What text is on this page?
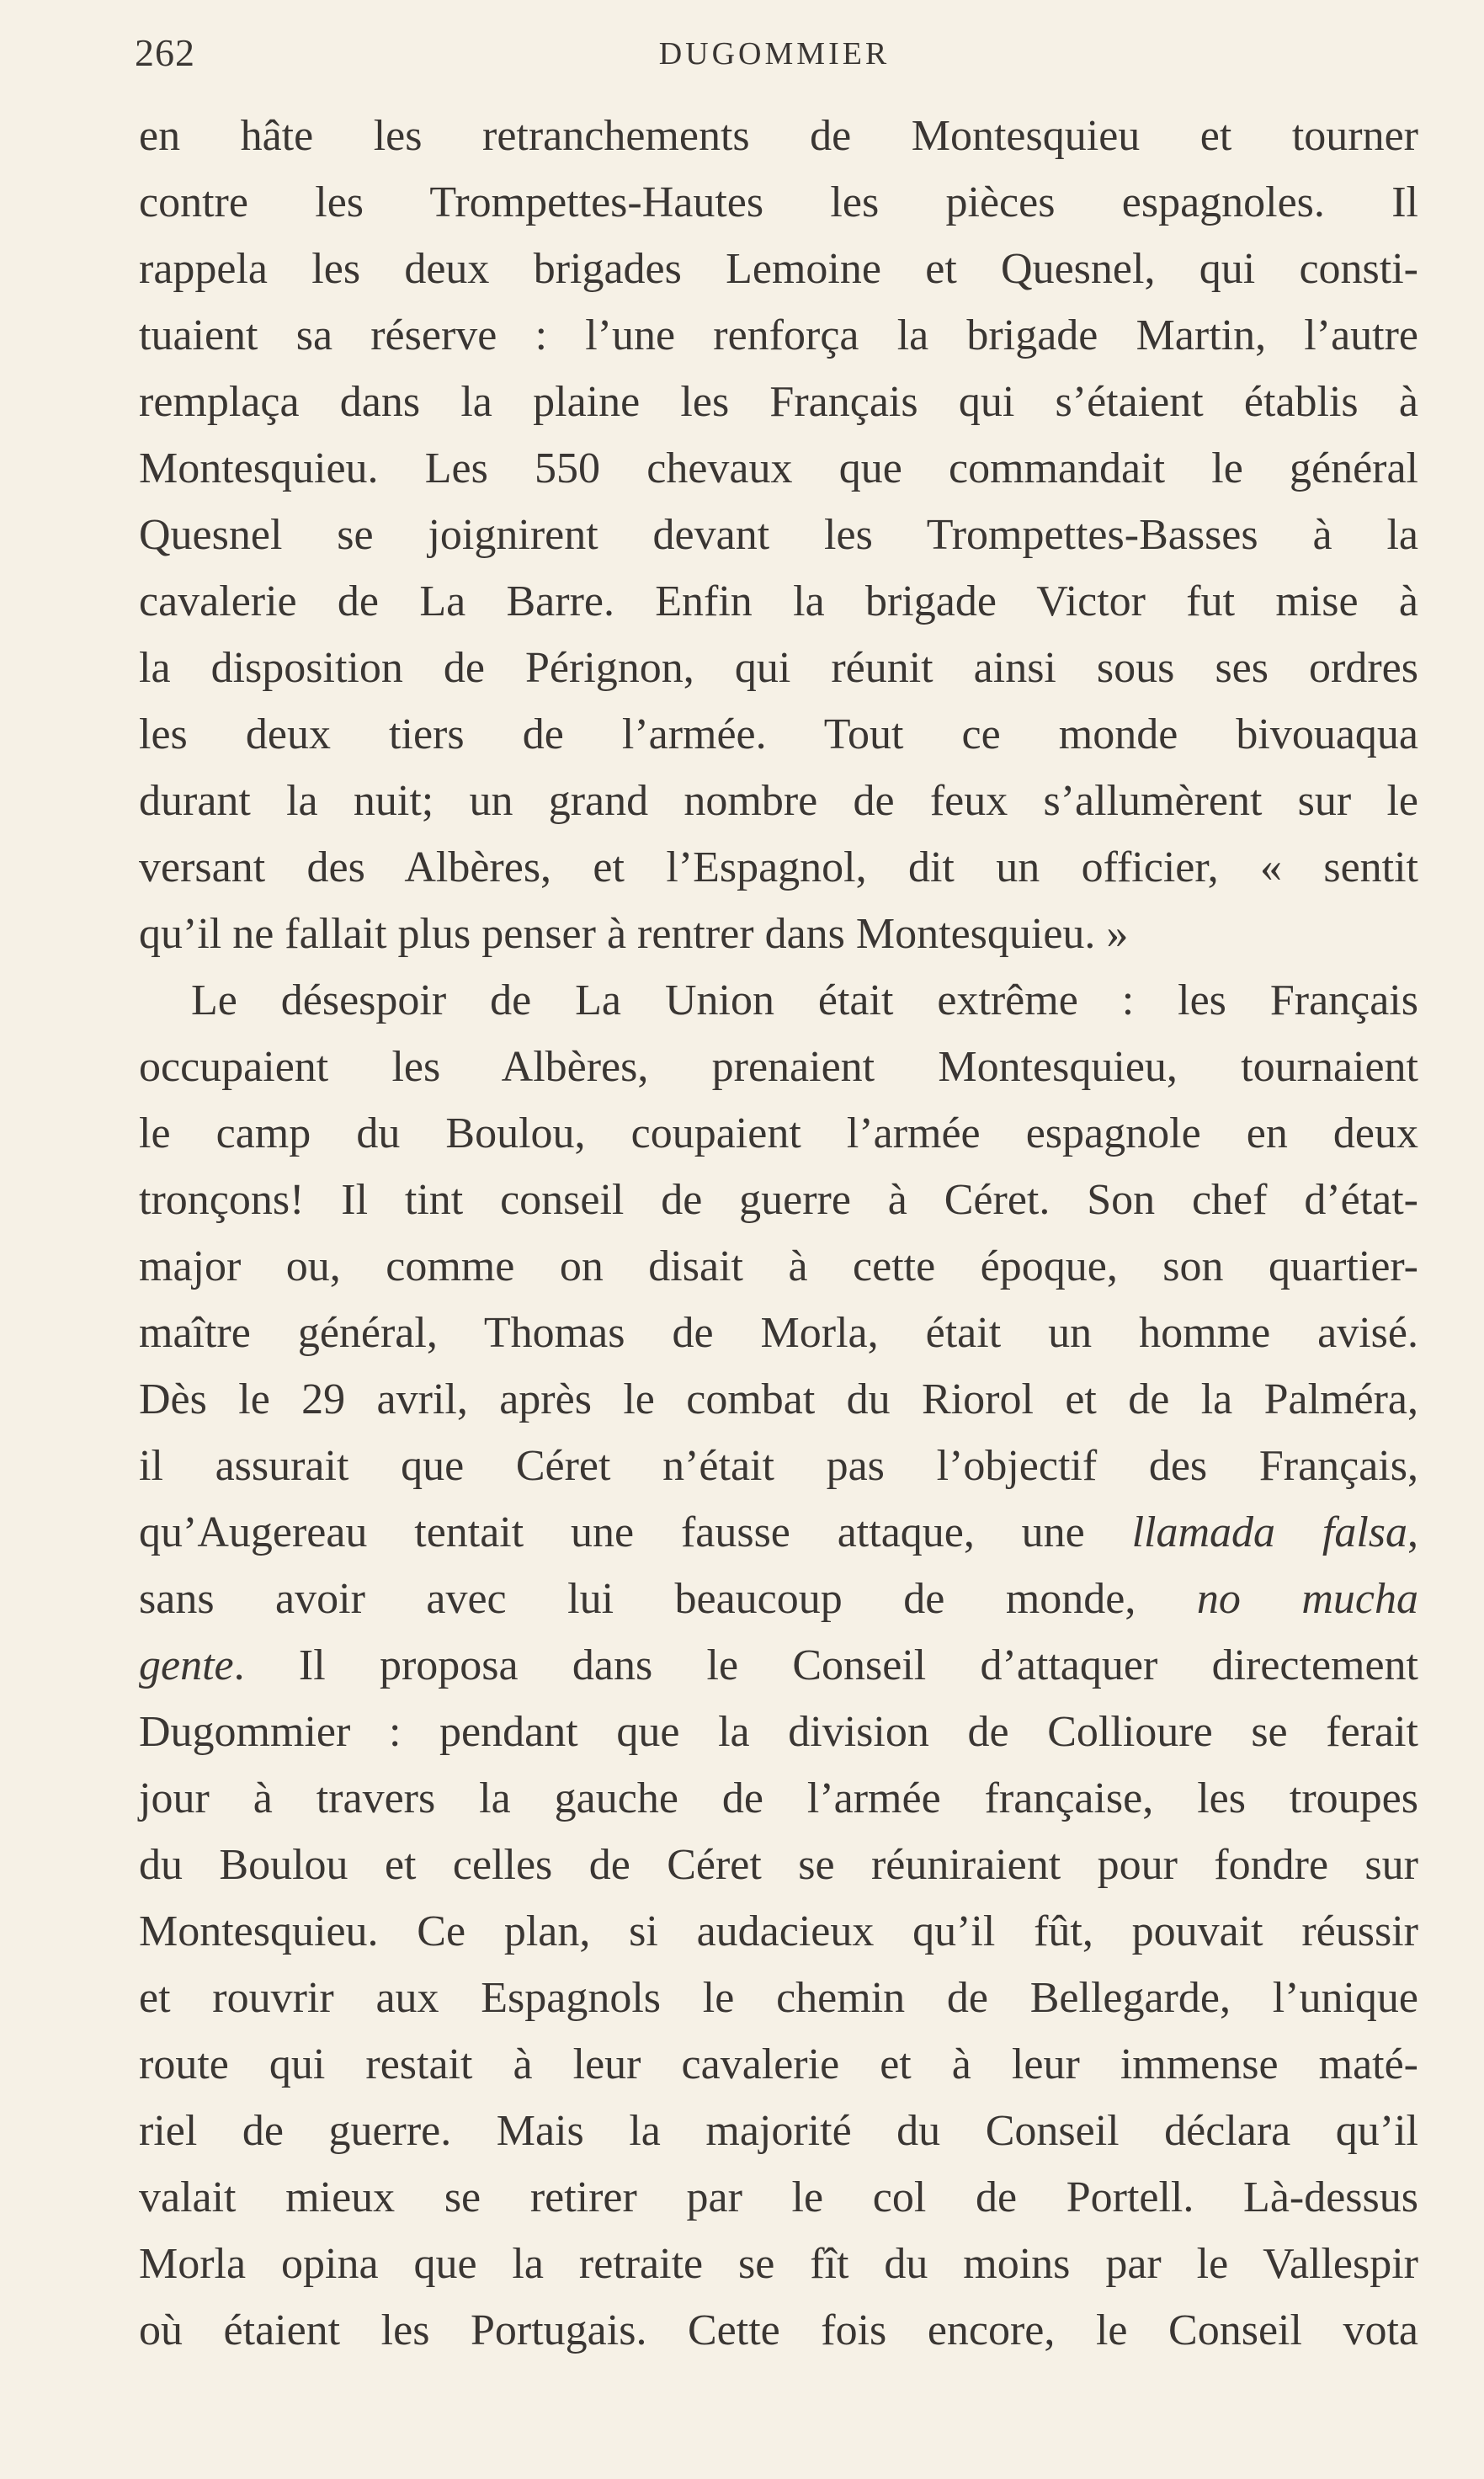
262	DUGOMMIER
en hâte les retranchements de Montesquieu et tourner
contre les Trompettes-Hautes les pièces espagnoles. Il
rappela les deux brigades Lemoine et Quesnel, qui consti-
tuaient sa réserve : l’une renforça la brigade Martin, l’autre
remplaça dans la plaine les Français qui s’étaient établis à
Montesquieu. Les 550 chevaux que commandait le général
Quesnel se joignirent devant les Trompettes-Basses à la
cavalerie de La Barre. Enfin la brigade Victor fut mise à
la disposition de Pérignon, qui réunit ainsi sous ses ordres
les deux tiers de l’armée. Tout ce monde bivouaqua
durant la nuit; un grand nombre de feux s’allumèrent sur le
versant des Albères, et l’Espagnol, dit un officier, « sentit
qu’il ne fallait plus penser à rentrer dans Montesquieu. »
Le désespoir de La Union était extrême : les Français
occupaient les Albères, prenaient Montesquieu, tournaient
le camp du Boulou, coupaient l’armée espagnole en deux
tronçons! Il tint conseil de guerre à Céret. Son chef d’état-
major ou, comme on disait à cette époque, son quartier-
maître général, Thomas de Morla, était un homme avisé.
Dès le 29 avril, après le combat du Riorol et de la Palméra,
il assurait que Céret n’était pas l’objectif des Français,
qu’Augereau tentait une fausse attaque, une llamada falsa,
sans avoir avec lui beaucoup de monde, no mucha
gente. Il proposa dans le Conseil d’attaquer directement
Dugommier : pendant que la division de Collioure se ferait
jour à travers la gauche de l’armée française, les troupes
du Boulou et celles de Céret se réuniraient pour fondre sur
Montesquieu. Ce plan, si audacieux qu’il fût, pouvait réussir
et rouvrir aux Espagnols le chemin de Bellegarde, l’unique
route qui restait à leur cavalerie et à leur immense maté-
riel de guerre. Mais la majorité du Conseil déclara qu’il
valait mieux se retirer par le col de Portell. Là-dessus
Morla opina que la retraite se fît du moins par le Vallespir
où étaient les Portugais. Cette fois encore, le Conseil vota
